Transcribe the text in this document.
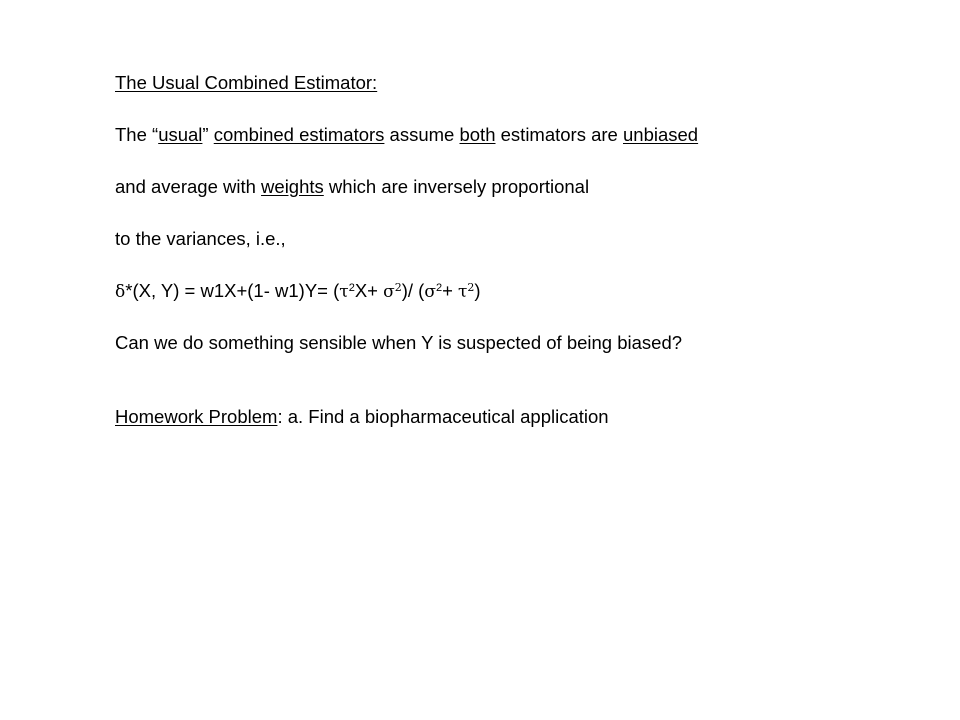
The Usual Combined Estimator:
The “usual” combined estimators assume both estimators are unbiased
and average with weights which are inversely proportional
to the variances, i.e.,
δ*(X, Y) = w1X+(1- $w1)Y= (\tau^2X+ \sigma^2)/$ $(\sigma^2+ \tau^2)$
Can we do something sensible when Y is suspected of being biased?
Homework Problem: a. Find a biopharmaceutical application
